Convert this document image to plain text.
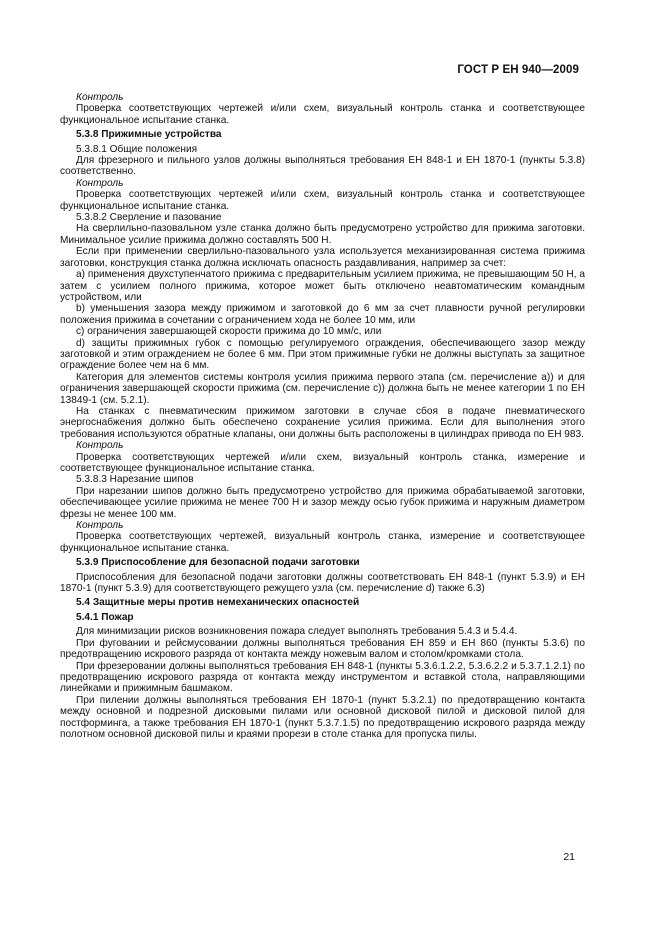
ГОСТ Р ЕН 940—2009

Контроль

Проверка соответствующих чертежей и/или схем, визуальный контроль станка и соответствующее функциональное испытание станка.

5.3.8 Прижимные устройства

5.3.8.1 Общие положения

Для фрезерного и пильного узлов должны выполняться требования ЕН 848-1 и ЕН 1870-1 (пункты 5.3.8) соответственно.

Контроль

Проверка соответствующих чертежей и/или схем, визуальный контроль станка и соответствующее функциональное испытание станка.

5.3.8.2 Сверление и пазование

На сверлильно-пазовальном узле станка должно быть предусмотрено устройство для прижима заготовки. Минимальное усилие прижима должно составлять 500 Н.

Если при применении сверлильно-пазовального узла используется механизированная система прижима заготовки, конструкция станка должна исключать опасность раздавливания, например за счет:

a) применения двухступенчатого прижима с предварительным усилием прижима, не превышающим 50 Н, а затем с усилием полного прижима, которое может быть отключено неавтоматическим командным устройством, или

b) уменьшения зазора между прижимом и заготовкой до 6 мм за счет плавности ручной регулировки положения прижима в сочетании с ограничением хода не более 10 мм, или

c) ограничения завершающей скорости прижима до 10 мм/с, или

d) защиты прижимных губок с помощью регулируемого ограждения, обеспечивающего зазор между заготовкой и этим ограждением не более 6 мм. При этом прижимные губки не должны выступать за защитное ограждение более чем на 6 мм.

Категория для элементов системы контроля усилия прижима первого этапа (см. перечисление а)) и для ограничения завершающей скорости прижима (см. перечисление с)) должна быть не менее категории 1 по ЕН 13849-1 (см. 5.2.1).

На станках с пневматическим прижимом заготовки в случае сбоя в подаче пневматического энергоснабжения должно быть обеспечено сохранение усилия прижима. Если для выполнения этого требования используются обратные клапаны, они должны быть расположены в цилиндрах привода по ЕН 983.

Контроль

Проверка соответствующих чертежей и/или схем, визуальный контроль станка, измерение и соответствующее функциональное испытание станка.

5.3.8.3 Нарезание шипов

При нарезании шипов должно быть предусмотрено устройство для прижима обрабатываемой заготовки, обеспечивающее усилие прижима не менее 700 Н и зазор между осью губок прижима и наружным диаметром фрезы не менее 100 мм.

Контроль

Проверка соответствующих чертежей, визуальный контроль станка, измерение и соответствующее функциональное испытание станка.

5.3.9 Приспособление для безопасной подачи заготовки

Приспособления для безопасной подачи заготовки должны соответствовать ЕН 848-1 (пункт 5.3.9) и ЕН 1870-1 (пункт 5.3.9) для соответствующего режущего узла (см. перечисление d) также 6.3)

5.4 Защитные меры против немеханических опасностей

5.4.1 Пожар

Для минимизации рисков возникновения пожара следует выполнять требования 5.4.3 и 5.4.4.

При фуговании и рейсмусовании должны выполняться требования ЕН 859 и ЕН 860 (пункты 5.3.6) по предотвращению искрового разряда от контакта между ножевым валом и столом/кромками стола.

При фрезеровании должны выполняться требования ЕН 848-1 (пункты 5.3.6.1.2.2, 5.3.6.2.2 и 5.3.7.1.2.1) по предотвращению искрового разряда от контакта между инструментом и вставкой стола, направляющими линейками и прижимным башмаком.

При пилении должны выполняться требования ЕН 1870-1 (пункт 5.3.2.1) по предотвращению контакта между основной и подрезной дисковыми пилами или основной дисковой пилой и дисковой пилой для постформинга, а также требования ЕН 1870-1 (пункт 5.3.7.1.5) по предотвращению искрового разряда между полотном основной дисковой пилы и краями прорези в столе станка для пропуска пилы.

21
